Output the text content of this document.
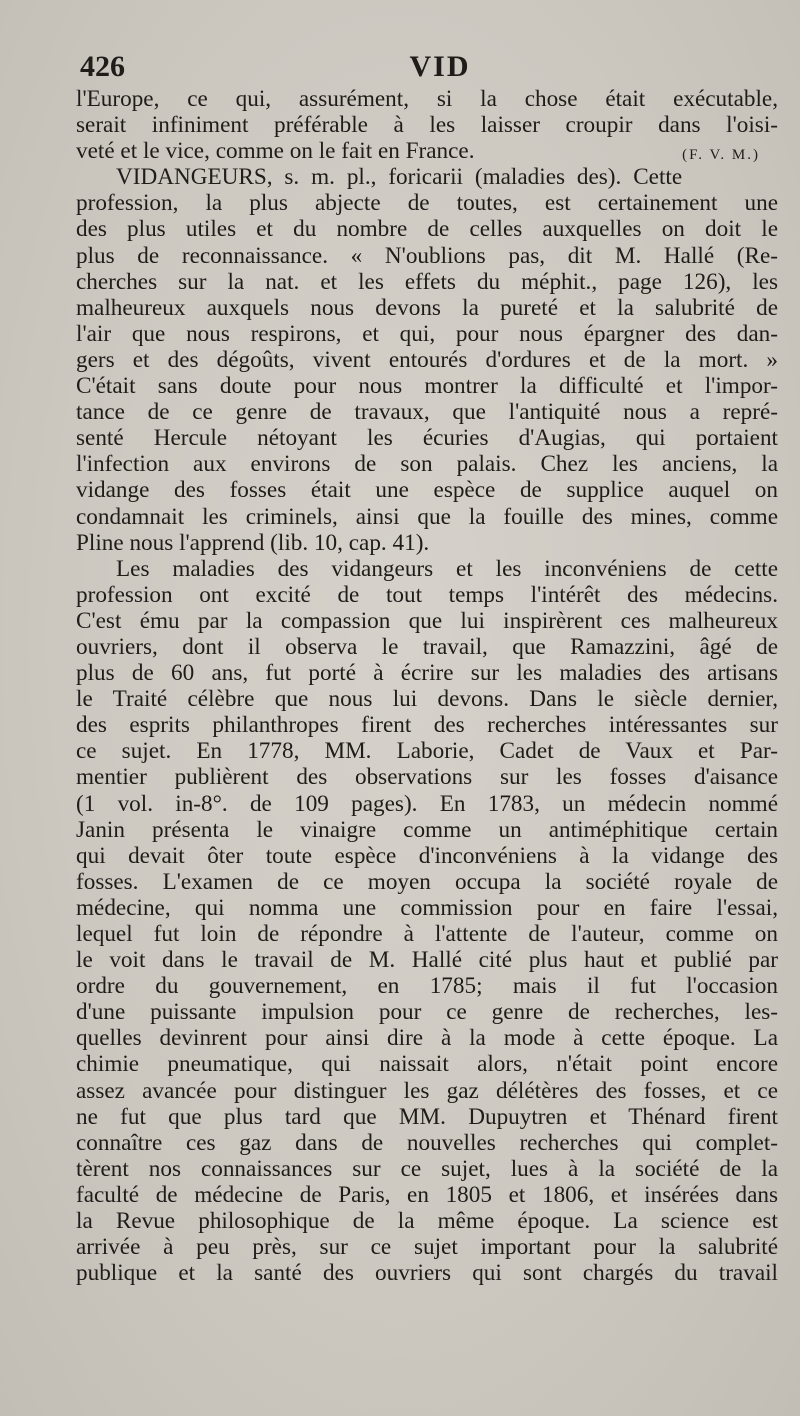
426	VID
l'Europe, ce qui, assurément, si la chose était exécutable,
serait infiniment préférable à les laisser croupir dans l'oisi-
veté et le vice, comme on le fait en France.	(F. V. M.)
VIDANGEURS, s. m. pl., foricarii (maladies des). Cette
profession, la plus abjecte de toutes, est certainement une
des plus utiles et du nombre de celles auxquelles on doit le
plus de reconnaissance. « N'oublions pas, dit M. Hallé (Re-
cherches sur la nat. et les effets du méphit., page 126), les
malheureux auxquels nous devons la pureté et la salubrité de
l'air que nous respirons, et qui, pour nous épargner des dan-
gers et des dégoûts, vivent entourés d'ordures et de la mort. »
C'était sans doute pour nous montrer la difficulté et l'impor-
tance de ce genre de travaux, que l'antiquité nous a repré-
senté Hercule nétoyant les écuries d'Augias, qui portaient
l'infection aux environs de son palais. Chez les anciens, la
vidange des fosses était une espèce de supplice auquel on
condamnait les criminels, ainsi que la fouille des mines, comme
Pline nous l'apprend (lib. 10, cap. 41).
Les maladies des vidangeurs et les inconvéniens de cette
profession ont excité de tout temps l'intérêt des médecins.
C'est ému par la compassion que lui inspirèrent ces malheureux
ouvriers, dont il observa le travail, que Ramazzini, âgé de
plus de 60 ans, fut porté à écrire sur les maladies des artisans
le Traité célèbre que nous lui devons. Dans le siècle dernier,
des esprits philanthropes firent des recherches intéressantes sur
ce sujet. En 1778, MM. Laborie, Cadet de Vaux et Par-
mentier publièrent des observations sur les fosses d'aisance
(1 vol. in-8°. de 109 pages). En 1783, un médecin nommé
Janin présenta le vinaigre comme un antiméphitique certain
qui devait ôter toute espèce d'inconvéniens à la vidange des
fosses. L'examen de ce moyen occupa la société royale de
médecine, qui nomma une commission pour en faire l'essai,
lequel fut loin de répondre à l'attente de l'auteur, comme on
le voit dans le travail de M. Hallé cité plus haut et publié par
ordre du gouvernement, en 1785; mais il fut l'occasion
d'une puissante impulsion pour ce genre de recherches, les-
quelles devinrent pour ainsi dire à la mode à cette époque. La
chimie pneumatique, qui naissait alors, n'était point encore
assez avancée pour distinguer les gaz délétères des fosses, et ce
ne fut que plus tard que MM. Dupuytren et Thénard firent
connaître ces gaz dans de nouvelles recherches qui complet-
tèrent nos connaissances sur ce sujet, lues à la société de la
faculté de médecine de Paris, en 1805 et 1806, et insérées dans
la Revue philosophique de la même époque. La science est
arrivée à peu près, sur ce sujet important pour la salubrité
publique et la santé des ouvriers qui sont chargés du travail
